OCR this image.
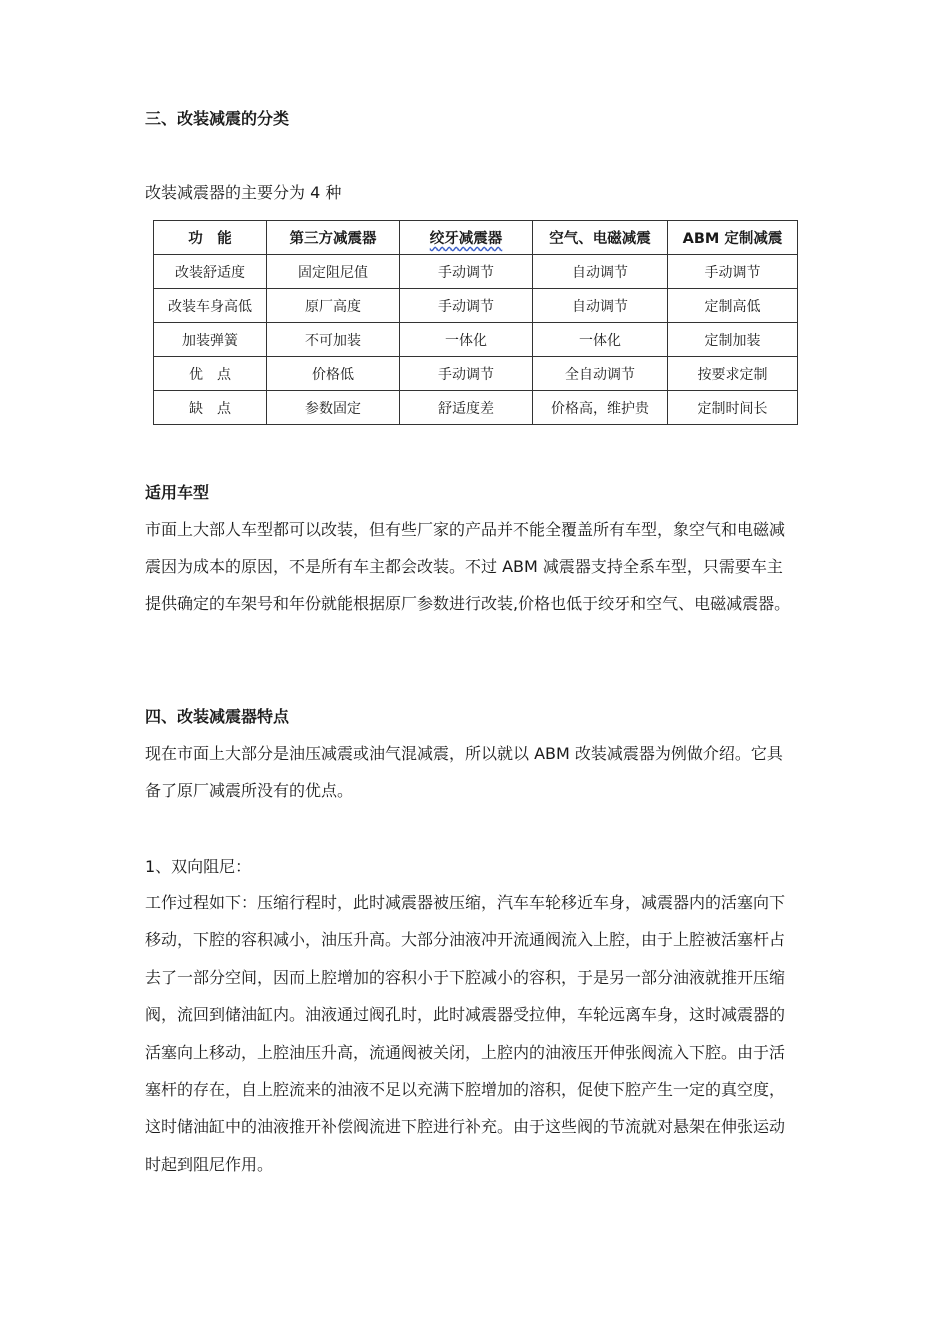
三、改装减震的分类
改装减震器的主要分为 4 种
功　能	第三方减震器	绞牙减震器	空气、电磁减震	ABM 定制减震
改装舒适度	固定阻尼值	手动调节	自动调节	手动调节
改装车身高低	原厂高度	手动调节	自动调节	定制高低
加装弹簧	不可加装	一体化	一体化	定制加装
优　点	价格低	手动调节	全自动调节	按要求定制
缺　点	参数固定	舒适度差	价格高，维护贵	定制时间长
适用车型
市面上大部人车型都可以改装，但有些厂家的产品并不能全覆盖所有车型，象空气和电磁减
震因为成本的原因，不是所有车主都会改装。不过 ABM 减震器支持全系车型，只需要车主
提供确定的车架号和年份就能根据原厂参数进行改装,价格也低于绞牙和空气、电磁减震器。
四、改装减震器特点
现在市面上大部分是油压减震或油气混减震，所以就以 ABM 改装减震器为例做介绍。它具
备了原厂减震所没有的优点。
1、双向阻尼：
工作过程如下：压缩行程时，此时减震器被压缩，汽车车轮移近车身，减震器内的活塞向下
移动，下腔的容积减小，油压升高。大部分油液冲开流通阀流入上腔，由于上腔被活塞杆占
去了一部分空间，因而上腔增加的容积小于下腔减小的容积，于是另一部分油液就推开压缩
阀，流回到储油缸内。油液通过阀孔时，此时减震器受拉伸，车轮远离车身，这时减震器的
活塞向上移动，上腔油压升高，流通阀被关闭，上腔内的油液压开伸张阀流入下腔。由于活
塞杆的存在，自上腔流来的油液不足以充满下腔增加的溶积，促使下腔产生一定的真空度，
这时储油缸中的油液推开补偿阀流进下腔进行补充。由于这些阀的节流就对悬架在伸张运动
时起到阻尼作用。
